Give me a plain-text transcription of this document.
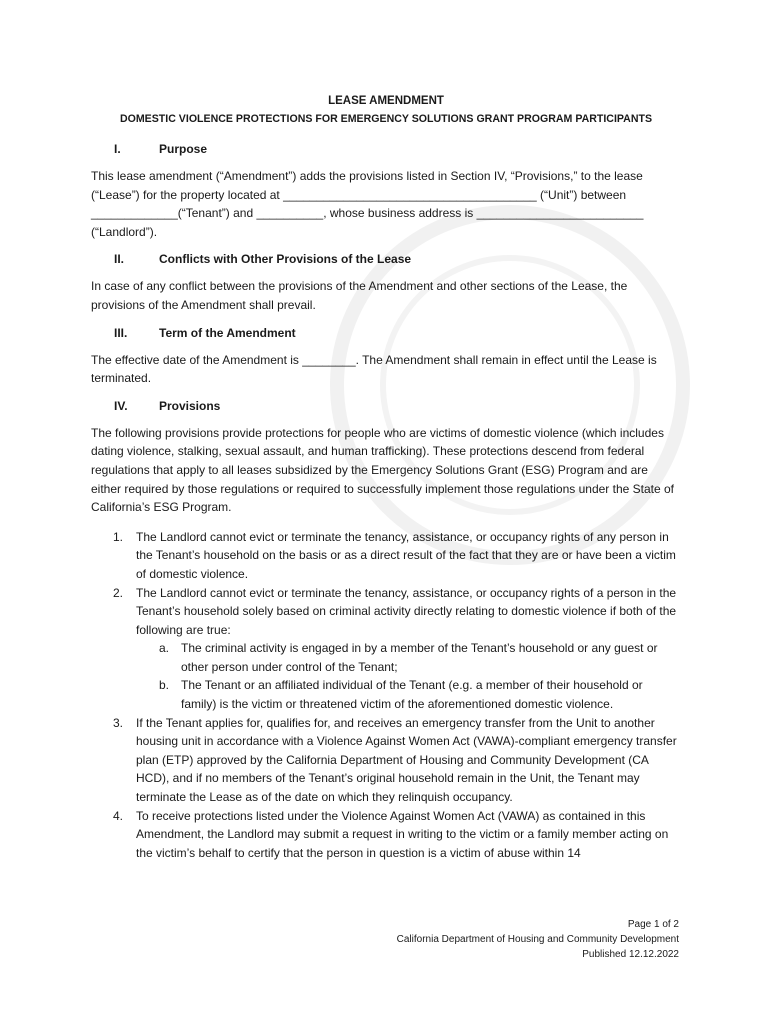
LEASE AMENDMENT
DOMESTIC VIOLENCE PROTECTIONS FOR EMERGENCY SOLUTIONS GRANT PROGRAM PARTICIPANTS
I.	Purpose

This lease amendment (“Amendment”) adds the provisions listed in Section IV, “Provisions,” to the lease (“Lease”) for the property located at ______________________________________ (“Unit”) between _____________(“Tenant”) and __________, whose business address is _________________________ (“Landlord”).

II.	Conflicts with Other Provisions of the Lease

In case of any conflict between the provisions of the Amendment and other sections of the Lease, the provisions of the Amendment shall prevail.

III.	Term of the Amendment

The effective date of the Amendment is ________. The Amendment shall remain in effect until the Lease is terminated.

IV.	Provisions

The following provisions provide protections for people who are victims of domestic violence (which includes dating violence, stalking, sexual assault, and human trafficking). These protections descend from federal regulations that apply to all leases subsidized by the Emergency Solutions Grant (ESG) Program and are either required by those regulations or required to successfully implement those regulations under the State of California’s ESG Program.

1. The Landlord cannot evict or terminate the tenancy, assistance, or occupancy rights of any person in the Tenant’s household on the basis or as a direct result of the fact that they are or have been a victim of domestic violence.
2. The Landlord cannot evict or terminate the tenancy, assistance, or occupancy rights of a person in the Tenant’s household solely based on criminal activity directly relating to domestic violence if both of the following are true:
a. The criminal activity is engaged in by a member of the Tenant’s household or any guest or other person under control of the Tenant;
b. The Tenant or an affiliated individual of the Tenant (e.g. a member of their household or family) is the victim or threatened victim of the aforementioned domestic violence.
3. If the Tenant applies for, qualifies for, and receives an emergency transfer from the Unit to another housing unit in accordance with a Violence Against Women Act (VAWA)-compliant emergency transfer plan (ETP) approved by the California Department of Housing and Community Development (CA HCD), and if no members of the Tenant’s original household remain in the Unit, the Tenant may terminate the Lease as of the date on which they relinquish occupancy.
4. To receive protections listed under the Violence Against Women Act (VAWA) as contained in this Amendment, the Landlord may submit a request in writing to the victim or a family member acting on the victim’s behalf to certify that the person in question is a victim of abuse within 14
Page 1 of 2
California Department of Housing and Community Development
Published 12.12.2022
